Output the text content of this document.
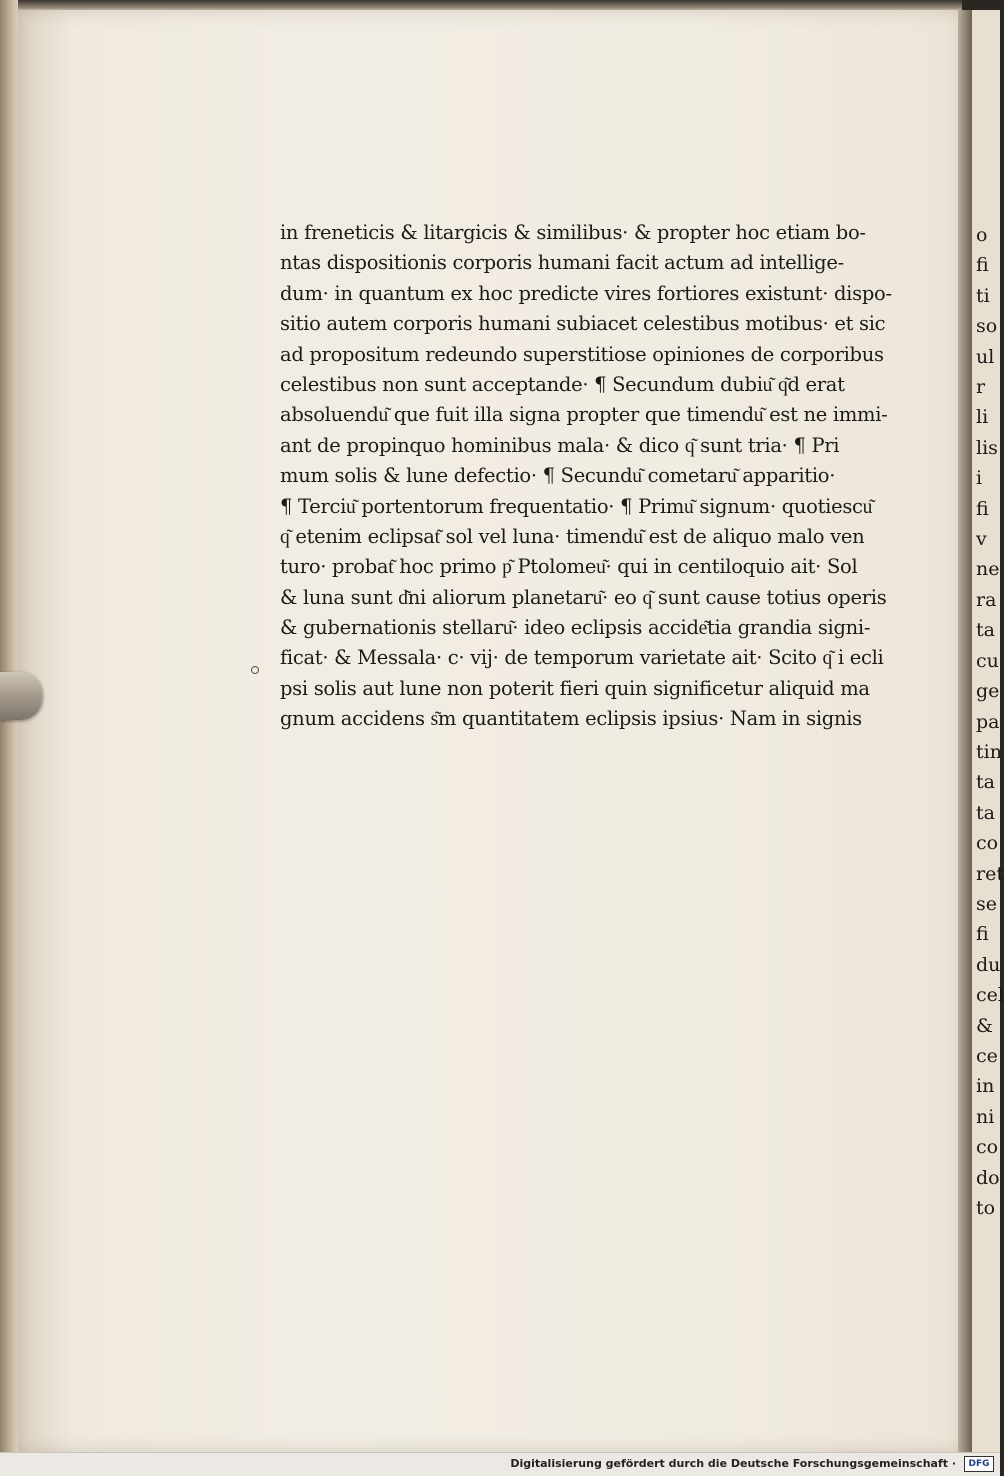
in freneticis & litargicis & similibus· & propter hoc etiam bo-
ntas dispositionis corporis humani facit actum ad intellige-
dum· in quantum ex hoc predicte vires fortiores existunt· dispo-
sitio autem corporis humani subiacet celestibus motibus· et sic
ad propositum redeundo superstitiose opiniones de corporibus
celestibus non sunt acceptande· ¶ Secundum dubiu͂ q͂d erat
absoluendu͂ que fuit illa signa propter que timendu͂ est ne immi-
ant de propinquo hominibus mala· & dico q͂ sunt tria· ¶ Pri
mum solis & lune defectio· ¶ Secundu͂ cometaru͂ apparitio·
¶ Terciu͂ portentorum frequentatio· ¶ Primu͂ signum· quotiescu͂
q͂ etenim eclipsat͂ sol vel luna· timendu͂ est de aliquo malo ven
turo· probat͂ hoc primo p͂ Ptolomeu͂· qui in centiloquio ait· Sol
& luna sunt d͂ni aliorum planetaru͂· eo q͂ sunt cause totius operis
& gubernationis stellaru͂· ideo eclipsis accide͂tia grandia signi-
ficat· & Messala· c· vij· de temporum varietate ait· Scito q͂ i ecli
psi solis aut lune non poterit fieri quin significetur aliquid ma
gnum accidens s͂m quantitatem eclipsis ipsius· Nam in signis
o
fi
ti
so
ul
r
li
lis
i
fi
v
ne
ra
ta
cu
ge
pa
tin
ta
ta
co
ret
se
fi
du
cel
&
ce
in
ni
co
do
to
Digitalisierung gefördert durch die Deutsche Forschungsgemeinschaft ·	DFG
